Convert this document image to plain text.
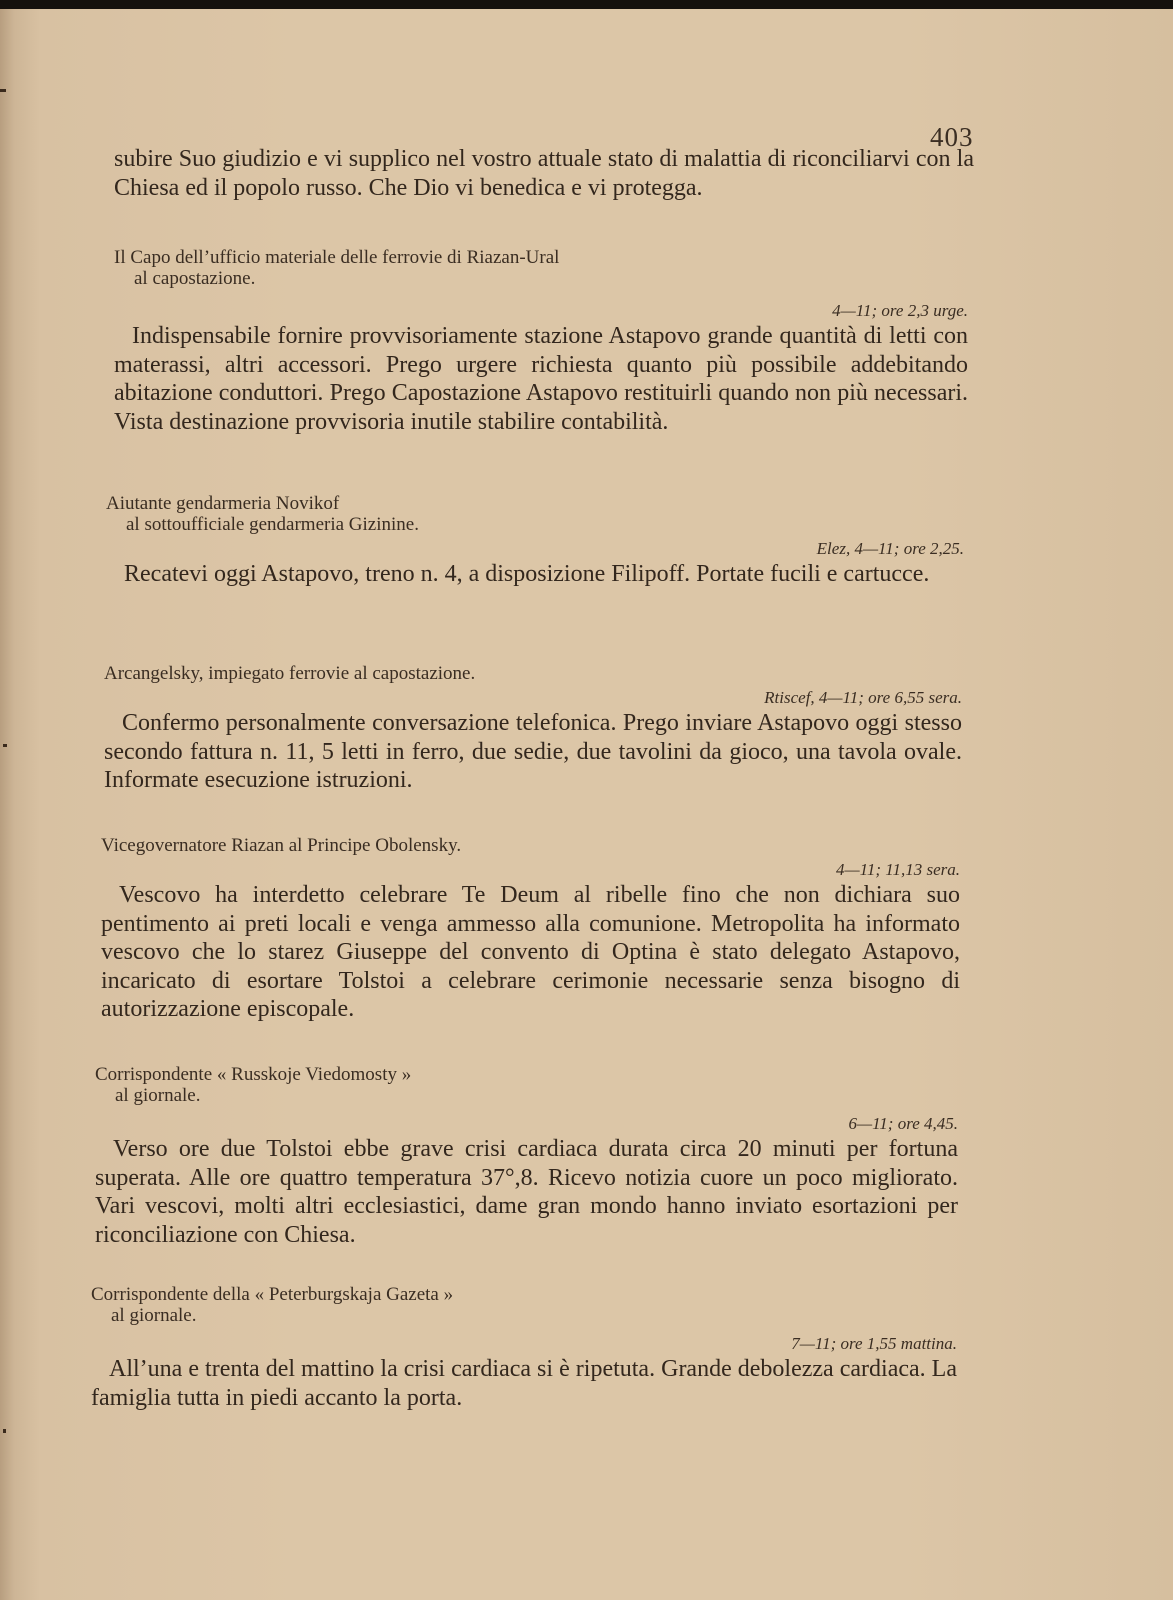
403

subire Suo giudizio e vi supplico nel vostro attuale stato di malattia di riconciliarvi con la Chiesa ed il popolo russo. Che Dio vi benedica e vi protegga.

Il Capo dell’ufficio materiale delle ferrovie di Riazan-Ural
al capostazione.

4—11; ore 2,3 urge.

Indispensabile fornire provvisoriamente stazione Astapovo grande quantità di letti con materassi, altri accessori. Prego urgere richiesta quanto più possibile addebitando abitazione conduttori. Prego Capostazione Astapovo restituirli quando non più necessari. Vista destinazione provvisoria inutile stabilire contabilità.

Aiutante gendarmeria Novikof
al sottoufficiale gendarmeria Gizinine.

Elez, 4—11; ore 2,25.

Recatevi oggi Astapovo, treno n. 4, a disposizione Filipoff. Portate fucili e cartucce.

Arcangelsky, impiegato ferrovie al capostazione.

Rtiscef, 4—11; ore 6,55 sera.

Confermo personalmente conversazione telefonica. Prego inviare Astapovo oggi stesso secondo fattura n. 11, 5 letti in ferro, due sedie, due tavolini da gioco, una tavola ovale. Informate esecuzione istruzioni.

Vicegovernatore Riazan al Principe Obolensky.

4—11; 11,13 sera.

Vescovo ha interdetto celebrare Te Deum al ribelle fino che non dichiara suo pentimento ai preti locali e venga ammesso alla comunione. Metropolita ha informato vescovo che lo starez Giuseppe del convento di Optina è stato delegato Astapovo, incaricato di esortare Tolstoi a celebrare cerimonie necessarie senza bisogno di autorizzazione episcopale.

Corrispondente « Russkoje Viedomosty »
al giornale.

6—11; ore 4,45.

Verso ore due Tolstoi ebbe grave crisi cardiaca durata circa 20 minuti per fortuna superata. Alle ore quattro temperatura 37°,8. Ricevo notizia cuore un poco migliorato. Vari vescovi, molti altri ecclesiastici, dame gran mondo hanno inviato esortazioni per riconciliazione con Chiesa.

Corrispondente della « Peterburgskaja Gazeta »
al giornale.

7—11; ore 1,55 mattina.

All’una e trenta del mattino la crisi cardiaca si è ripetuta. Grande debolezza cardiaca. La famiglia tutta in piedi accanto la porta.
